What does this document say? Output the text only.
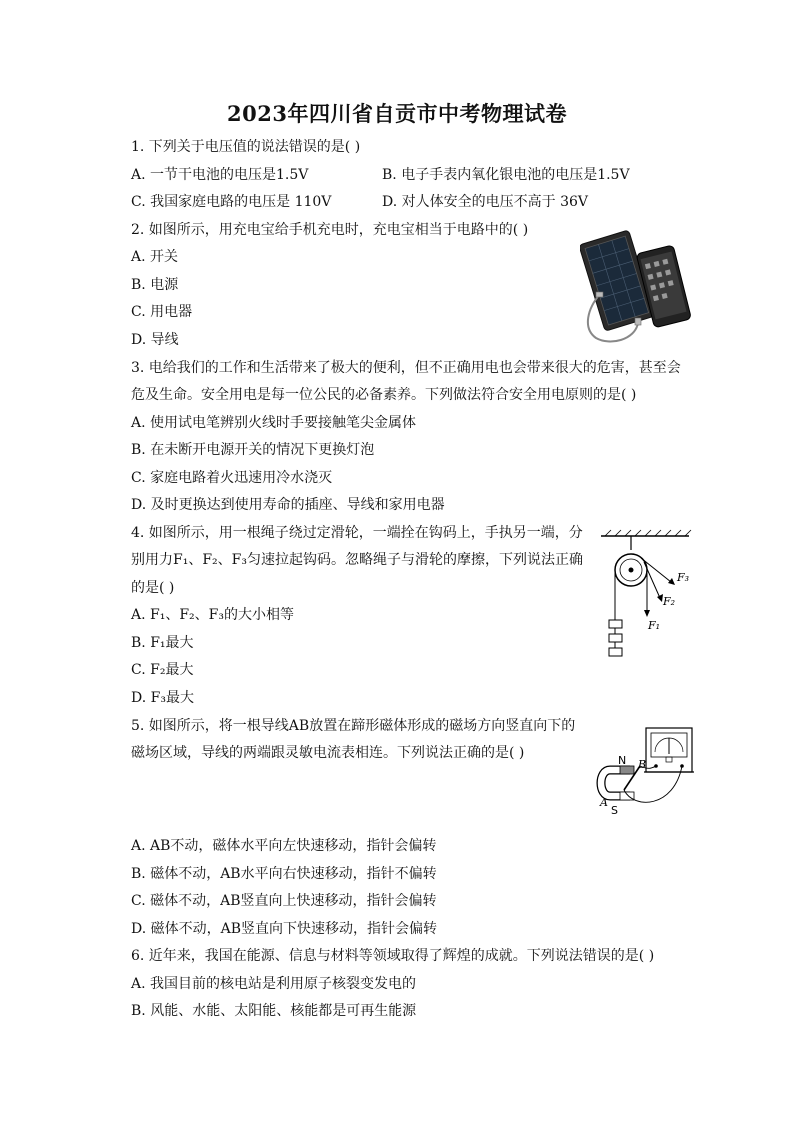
2023年四川省自贡市中考物理试卷
1. 下列关于电压值的说法错误的是( )
A. 一节干电池的电压是1.5V	B. 电子手表内氧化银电池的电压是1.5V
C. 我国家庭电路的电压是 110V	D. 对人体安全的电压不高于 36V
2. 如图所示，用充电宝给手机充电时，充电宝相当于电路中的( )
A. 开关
B. 电源
C. 用电器
D. 导线
3. 电给我们的工作和生活带来了极大的便利，但不正确用电也会带来很大的危害，甚至会
危及生命。安全用电是每一位公民的必备素养。下列做法符合安全用电原则的是( )
A. 使用试电笔辨别火线时手要接触笔尖金属体
B. 在未断开电源开关的情况下更换灯泡
C. 家庭电路着火迅速用冷水浇灭
D. 及时更换达到使用寿命的插座、导线和家用电器
4. 如图所示，用一根绳子绕过定滑轮，一端拴在钩码上，手执另一端，分
别用力F₁、F₂、F₃匀速拉起钩码。忽略绳子与滑轮的摩擦，下列说法正确
的是( )
A. F₁、F₂、F₃的大小相等
B. F₁最大
C. F₂最大
D. F₃最大
F₁
F₂
F₃
5. 如图所示，将一根导线AB放置在蹄形磁体形成的磁场方向竖直向下的
磁场区域，导线的两端跟灵敏电流表相连。下列说法正确的是( )	N
S
A
B
A. AB不动，磁体水平向左快速移动，指针会偏转
B. 磁体不动，AB水平向右快速移动，指针不偏转
C. 磁体不动，AB竖直向上快速移动，指针会偏转
D. 磁体不动，AB竖直向下快速移动，指针会偏转
6. 近年来，我国在能源、信息与材料等领域取得了辉煌的成就。下列说法错误的是( )
A. 我国目前的核电站是利用原子核裂变发电的
B. 风能、水能、太阳能、核能都是可再生能源
